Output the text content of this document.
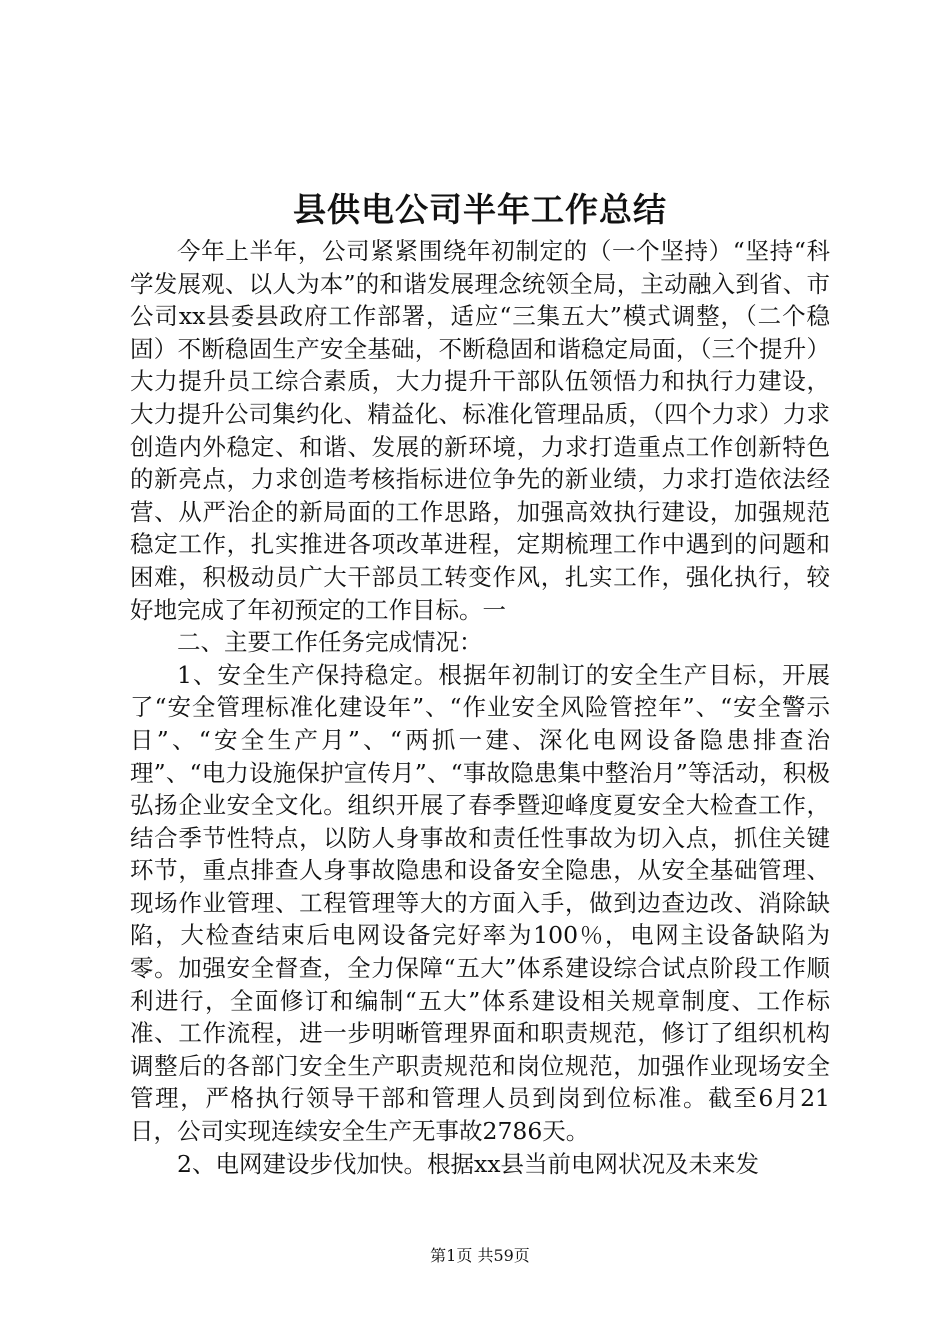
县供电公司半年工作总结

今年上半年，公司紧紧围绕年初制定的（一个坚持）“坚持“科学发展观、以人为本”的和谐发展理念统领全局，主动融入到省、市公司xx县委县政府工作部署，适应“三集五大”模式调整，（二个稳固）不断稳固生产安全基础，不断稳固和谐稳定局面，（三个提升）大力提升员工综合素质，大力提升干部队伍领悟力和执行力建设，大力提升公司集约化、精益化、标准化管理品质，（四个力求）力求创造内外稳定、和谐、发展的新环境，力求打造重点工作创新特色的新亮点，力求创造考核指标进位争先的新业绩，力求打造依法经营、从严治企的新局面的工作思路，加强高效执行建设，加强规范稳定工作，扎实推进各项改革进程，定期梳理工作中遇到的问题和困难，积极动员广大干部员工转变作风，扎实工作，强化执行，较好地完成了年初预定的工作目标。一

二、主要工作任务完成情况：

1、安全生产保持稳定。根据年初制订的安全生产目标，开展了“安全管理标准化建设年”、“作业安全风险管控年”、“安全警示日”、“安全生产月”、“两抓一建、深化电网设备隐患排查治理”、“电力设施保护宣传月”、“事故隐患集中整治月”等活动，积极弘扬企业安全文化。组织开展了春季暨迎峰度夏安全大检查工作，结合季节性特点，以防人身事故和责任性事故为切入点，抓住关键环节，重点排查人身事故隐患和设备安全隐患，从安全基础管理、现场作业管理、工程管理等大的方面入手，做到边查边改、消除缺陷，大检查结束后电网设备完好率为100％，电网主设备缺陷为零。加强安全督查，全力保障“五大”体系建设综合试点阶段工作顺利进行，全面修订和编制“五大”体系建设相关规章制度、工作标准、工作流程，进一步明晰管理界面和职责规范，修订了组织机构调整后的各部门安全生产职责规范和岗位规范，加强作业现场安全管理，严格执行领导干部和管理人员到岗到位标准。截至6月21日，公司实现连续安全生产无事故2786天。

2、电网建设步伐加快。根据xx县当前电网状况及未来发

第1页 共59页
